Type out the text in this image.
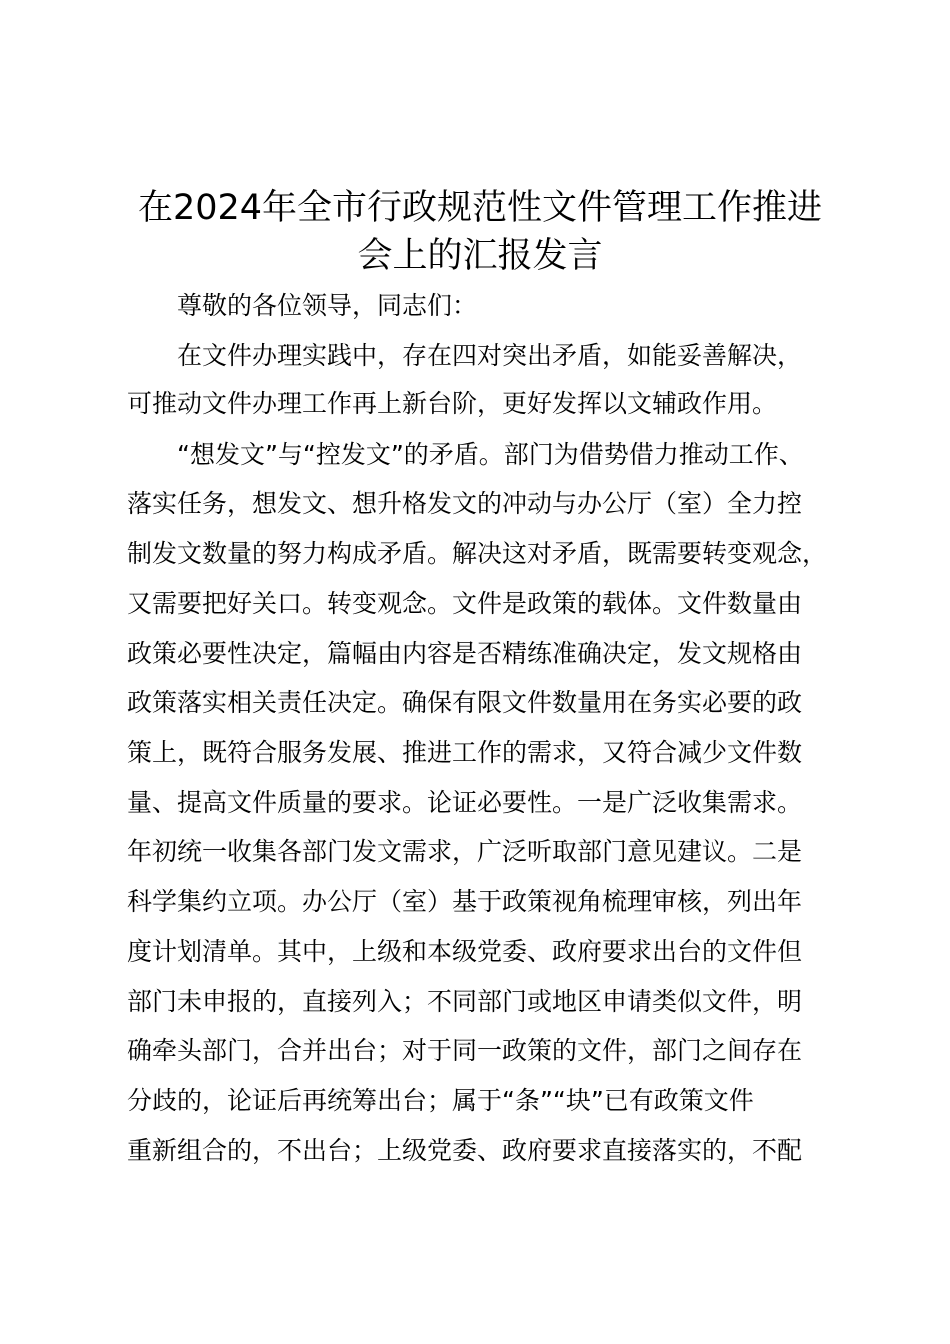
在2024年全市行政规范性文件管理工作推进
会上的汇报发言

尊敬的各位领导，同志们：

在文件办理实践中，存在四对突出矛盾，如能妥善解决，

可推动文件办理工作再上新台阶，更好发挥以文辅政作用。

“想发文”与“控发文”的矛盾。部门为借势借力推动工作、

落实任务，想发文、想升格发文的冲动与办公厅（室）全力控

制发文数量的努力构成矛盾。解决这对矛盾，既需要转变观念，

又需要把好关口。转变观念。文件是政策的载体。文件数量由

政策必要性决定，篇幅由内容是否精练准确决定，发文规格由

政策落实相关责任决定。确保有限文件数量用在务实必要的政

策上，既符合服务发展、推进工作的需求，又符合减少文件数

量、提高文件质量的要求。论证必要性。一是广泛收集需求。

年初统一收集各部门发文需求，广泛听取部门意见建议。二是

科学集约立项。办公厅（室）基于政策视角梳理审核，列出年

度计划清单。其中，上级和本级党委、政府要求出台的文件但

部门未申报的，直接列入；不同部门或地区申请类似文件，明

确牵头部门，合并出台；对于同一政策的文件，部门之间存在

分歧的，论证后再统筹出台；属于“条”“块”已有政策文件

重新组合的，不出台；上级党委、政府要求直接落实的，不配
